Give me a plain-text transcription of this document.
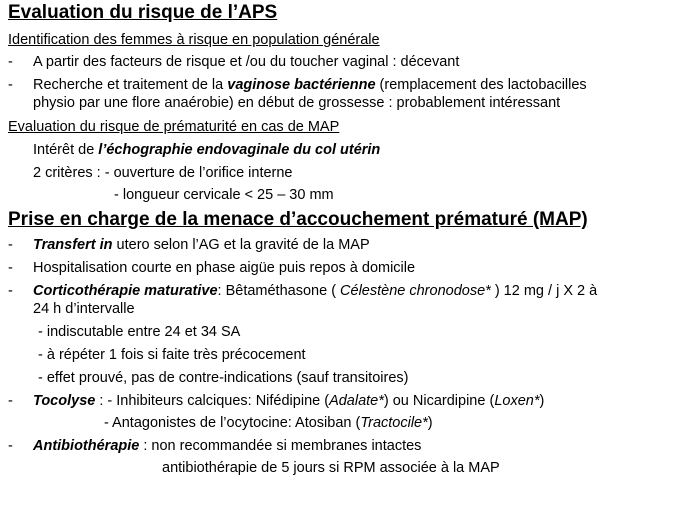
Evaluation du risque de l’APS
Identification des femmes à risque en population générale
- A partir des facteurs de risque et /ou du toucher vaginal : décevant
- Recherche et traitement de la vaginose bactérienne (remplacement des lactobacilles
physio par une flore anaérobie) en début de grossesse : probablement intéressant
Evaluation du risque de prématurité en cas de MAP
Intérêt de l’échographie endovaginale du col utérin
2 critères : - ouverture de l’orifice interne
- longueur cervicale < 25 – 30 mm
Prise en charge de la menace d’accouchement prématuré (MAP)
- Transfert in utero selon l’AG et la gravité de la MAP
- Hospitalisation courte en phase aigüe puis repos à domicile
- Corticothérapie maturative: Bêtaméthasone ( Célestène chronodose* ) 12 mg / j X 2 à
24 h d’intervalle
- indiscutable entre 24 et 34 SA
- à répéter 1 fois si faite très précocement
- effet prouvé, pas de contre-indications (sauf transitoires)
- Tocolyse : - Inhibiteurs calciques: Nifédipine (Adalate*) ou Nicardipine (Loxen*)
- Antagonistes de l’ocytocine: Atosiban (Tractocile*)
- Antibiothérapie : non recommandée si membranes intactes
antibiothérapie de 5 jours si RPM associée à la MAP
